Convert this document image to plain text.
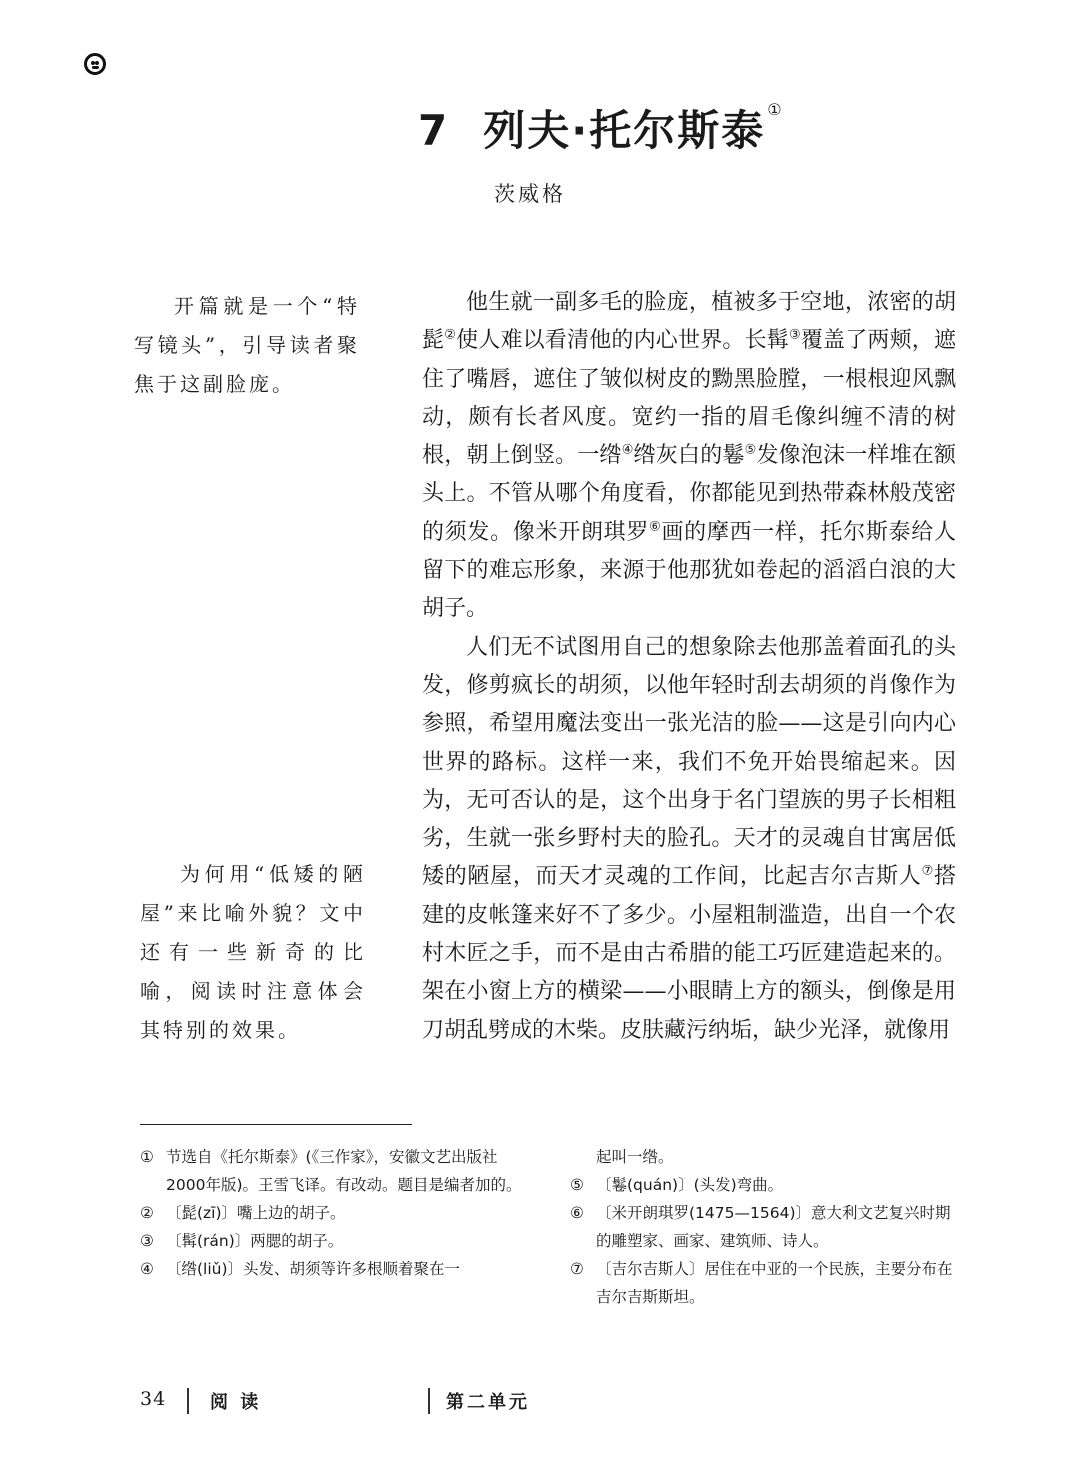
7 列夫·托尔斯泰 ①
茨威格

开篇就是一个“特写镜头”，引导读者聚焦于这副脸庞。

为何用“低矮的陋屋”来比喻外貌？文中还有一些新奇的比喻，阅读时注意体会其特别的效果。

他生就一副多毛的脸庞，植被多于空地，浓密的胡髭②使人难以看清他的内心世界。长髯③覆盖了两颊，遮住了嘴唇，遮住了皱似树皮的黝黑脸膛，一根根迎风飘动，颇有长者风度。宽约一指的眉毛像纠缠不清的树根，朝上倒竖。一绺④绺灰白的鬈⑤发像泡沫一样堆在额头上。不管从哪个角度看，你都能见到热带森林般茂密的须发。像米开朗琪罗⑥画的摩西一样，托尔斯泰给人留下的难忘形象，来源于他那犹如卷起的滔滔白浪的大胡子。

人们无不试图用自己的想象除去他那盖着面孔的头发，修剪疯长的胡须，以他年轻时刮去胡须的肖像作为参照，希望用魔法变出一张光洁的脸——这是引向内心世界的路标。这样一来，我们不免开始畏缩起来。因为，无可否认的是，这个出身于名门望族的男子长相粗劣，生就一张乡野村夫的脸孔。天才的灵魂自甘寓居低矮的陋屋，而天才灵魂的工作间，比起吉尔吉斯人⑦搭建的皮帐篷来好不了多少。小屋粗制滥造，出自一个农村木匠之手，而不是由古希腊的能工巧匠建造起来的。架在小窗上方的横梁——小眼睛上方的额头，倒像是用刀胡乱劈成的木柴。皮肤藏污纳垢，缺少光泽，就像用

① 节选自《托尔斯泰》(《三作家》，安徽文艺出版社2000年版)。王雪飞译。有改动。题目是编者加的。
② 〔髭(zī)〕嘴上边的胡子。
③ 〔髯(rán)〕两腮的胡子。
④ 〔绺(liǔ)〕头发、胡须等许多根顺着聚在一
起叫一绺。
⑤ 〔鬈(quán)〕(头发)弯曲。
⑥ 〔米开朗琪罗(1475—1564)〕意大利文艺复兴时期的雕塑家、画家、建筑师、诗人。
⑦ 〔吉尔吉斯人〕居住在中亚的一个民族，主要分布在吉尔吉斯斯坦。
34 阅 读	第二单元
